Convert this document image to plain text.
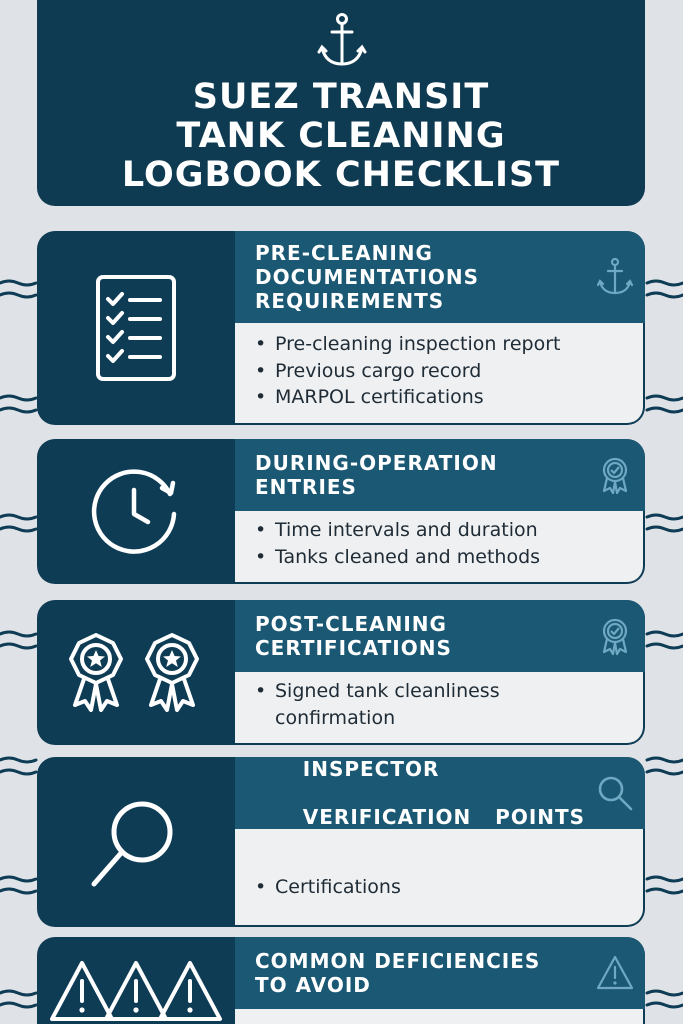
SUEZ TRANSIT
TANK CLEANING
LOGBOOK CHECKLIST
PRE-CLEANING
DOCUMENTATIONS
REQUIREMENTS
• Pre-cleaning inspection report
• Previous cargo record
• MARPOL certifications
DURING-OPERATION
ENTRIES
• Time intervals and duration
• Tanks cleaned and methods
POST-CLEANING
CERTIFICATIONS
• Signed tank cleanliness confirmation

INSPECTOR

VERIFICATION   POINTS

• Certifications

COMMON DEFICIENCIES
TO AVOID
